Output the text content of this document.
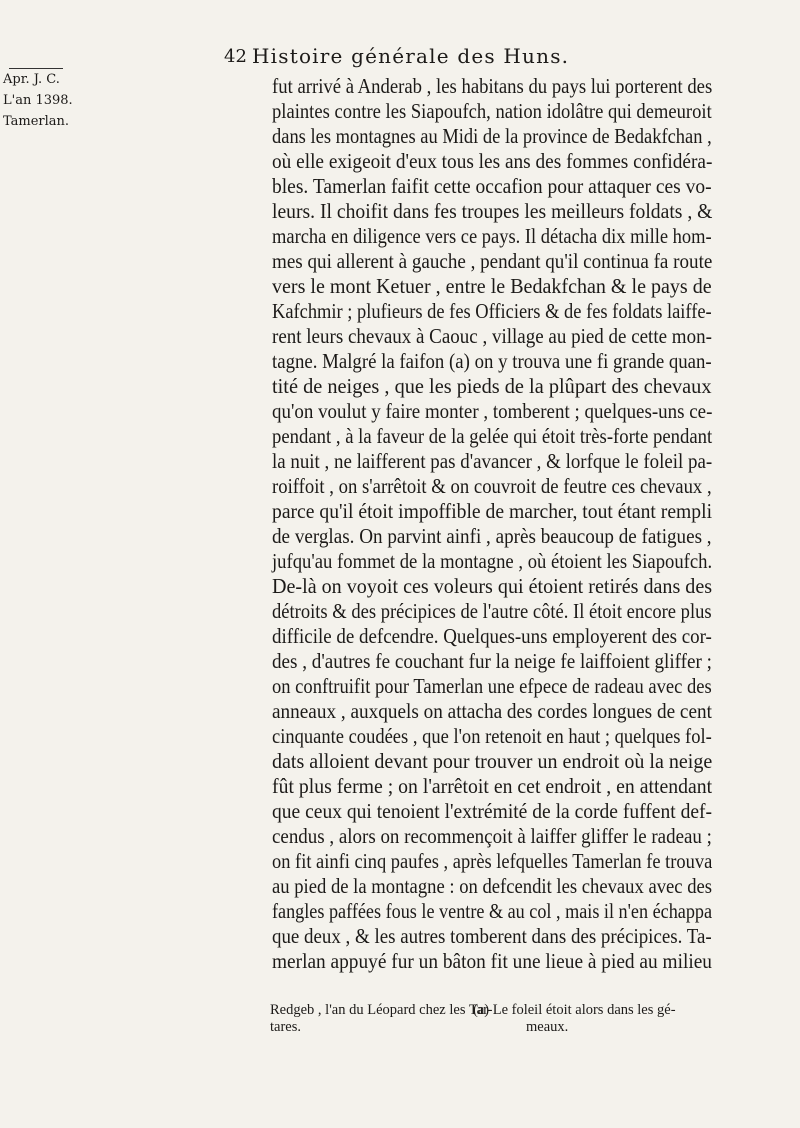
42 Histoire générale des Huns.
Apr. J. C.
L'an 1398.
Tamerlan.
fut arrivé à Anderab , les habitans du pays lui porterent des
plaintes contre les Siapoufch, nation idolâtre qui demeuroit
dans les montagnes au Midi de la province de Bedakfchan ,
où elle exigeoit d'eux tous les ans des fommes confidéra-
bles. Tamerlan faifit cette occafion pour attaquer ces vo-
leurs. Il choifit dans fes troupes les meilleurs foldats , &
marcha en diligence vers ce pays. Il détacha dix mille hom-
mes qui allerent à gauche , pendant qu'il continua fa route
vers le mont Ketuer , entre le Bedakfchan & le pays de
Kafchmir ; plufieurs de fes Officiers & de fes foldats laiffe-
rent leurs chevaux à Caouc , village au pied de cette mon-
tagne. Malgré la faifon (a) on y trouva une fi grande quan-
tité de neiges , que les pieds de la plûpart des chevaux
qu'on voulut y faire monter , tomberent ; quelques-uns ce-
pendant , à la faveur de la gelée qui étoit très-forte pendant
la nuit , ne laifferent pas d'avancer , & lorfque le foleil pa-
roiffoit , on s'arrêtoit & on couvroit de feutre ces chevaux ,
parce qu'il étoit impoffible de marcher, tout étant rempli
de verglas. On parvint ainfi , après beaucoup de fatigues ,
jufqu'au fommet de la montagne , où étoient les Siapoufch.
De-là on voyoit ces voleurs qui étoient retirés dans des
détroits & des précipices de l'autre côté. Il étoit encore plus
difficile de defcendre. Quelques-uns employerent des cor-
des , d'autres fe couchant fur la neige fe laiffoient gliffer ;
on conftruifit pour Tamerlan une efpece de radeau avec des
anneaux , auxquels on attacha des cordes longues de cent
cinquante coudées , que l'on retenoit en haut ; quelques fol-
dats alloient devant pour trouver un endroit où la neige
fût plus ferme ; on l'arrêtoit en cet endroit , en attendant
que ceux qui tenoient l'extrémité de la corde fuffent def-
cendus , alors on recommençoit à laiffer gliffer le radeau ;
on fit ainfi cinq paufes , après lefquelles Tamerlan fe trouva
au pied de la montagne : on defcendit les chevaux avec des
fangles paffées fous le ventre & au col , mais il n'en échappa
que deux , & les autres tomberent dans des précipices. Ta-
merlan appuyé fur un bâton fit une lieue à pied au milieu
Redgeb , l'an du Léopard chez les Tar-
tares.
(a) Le foleil étoit alors dans les gé-
meaux.
